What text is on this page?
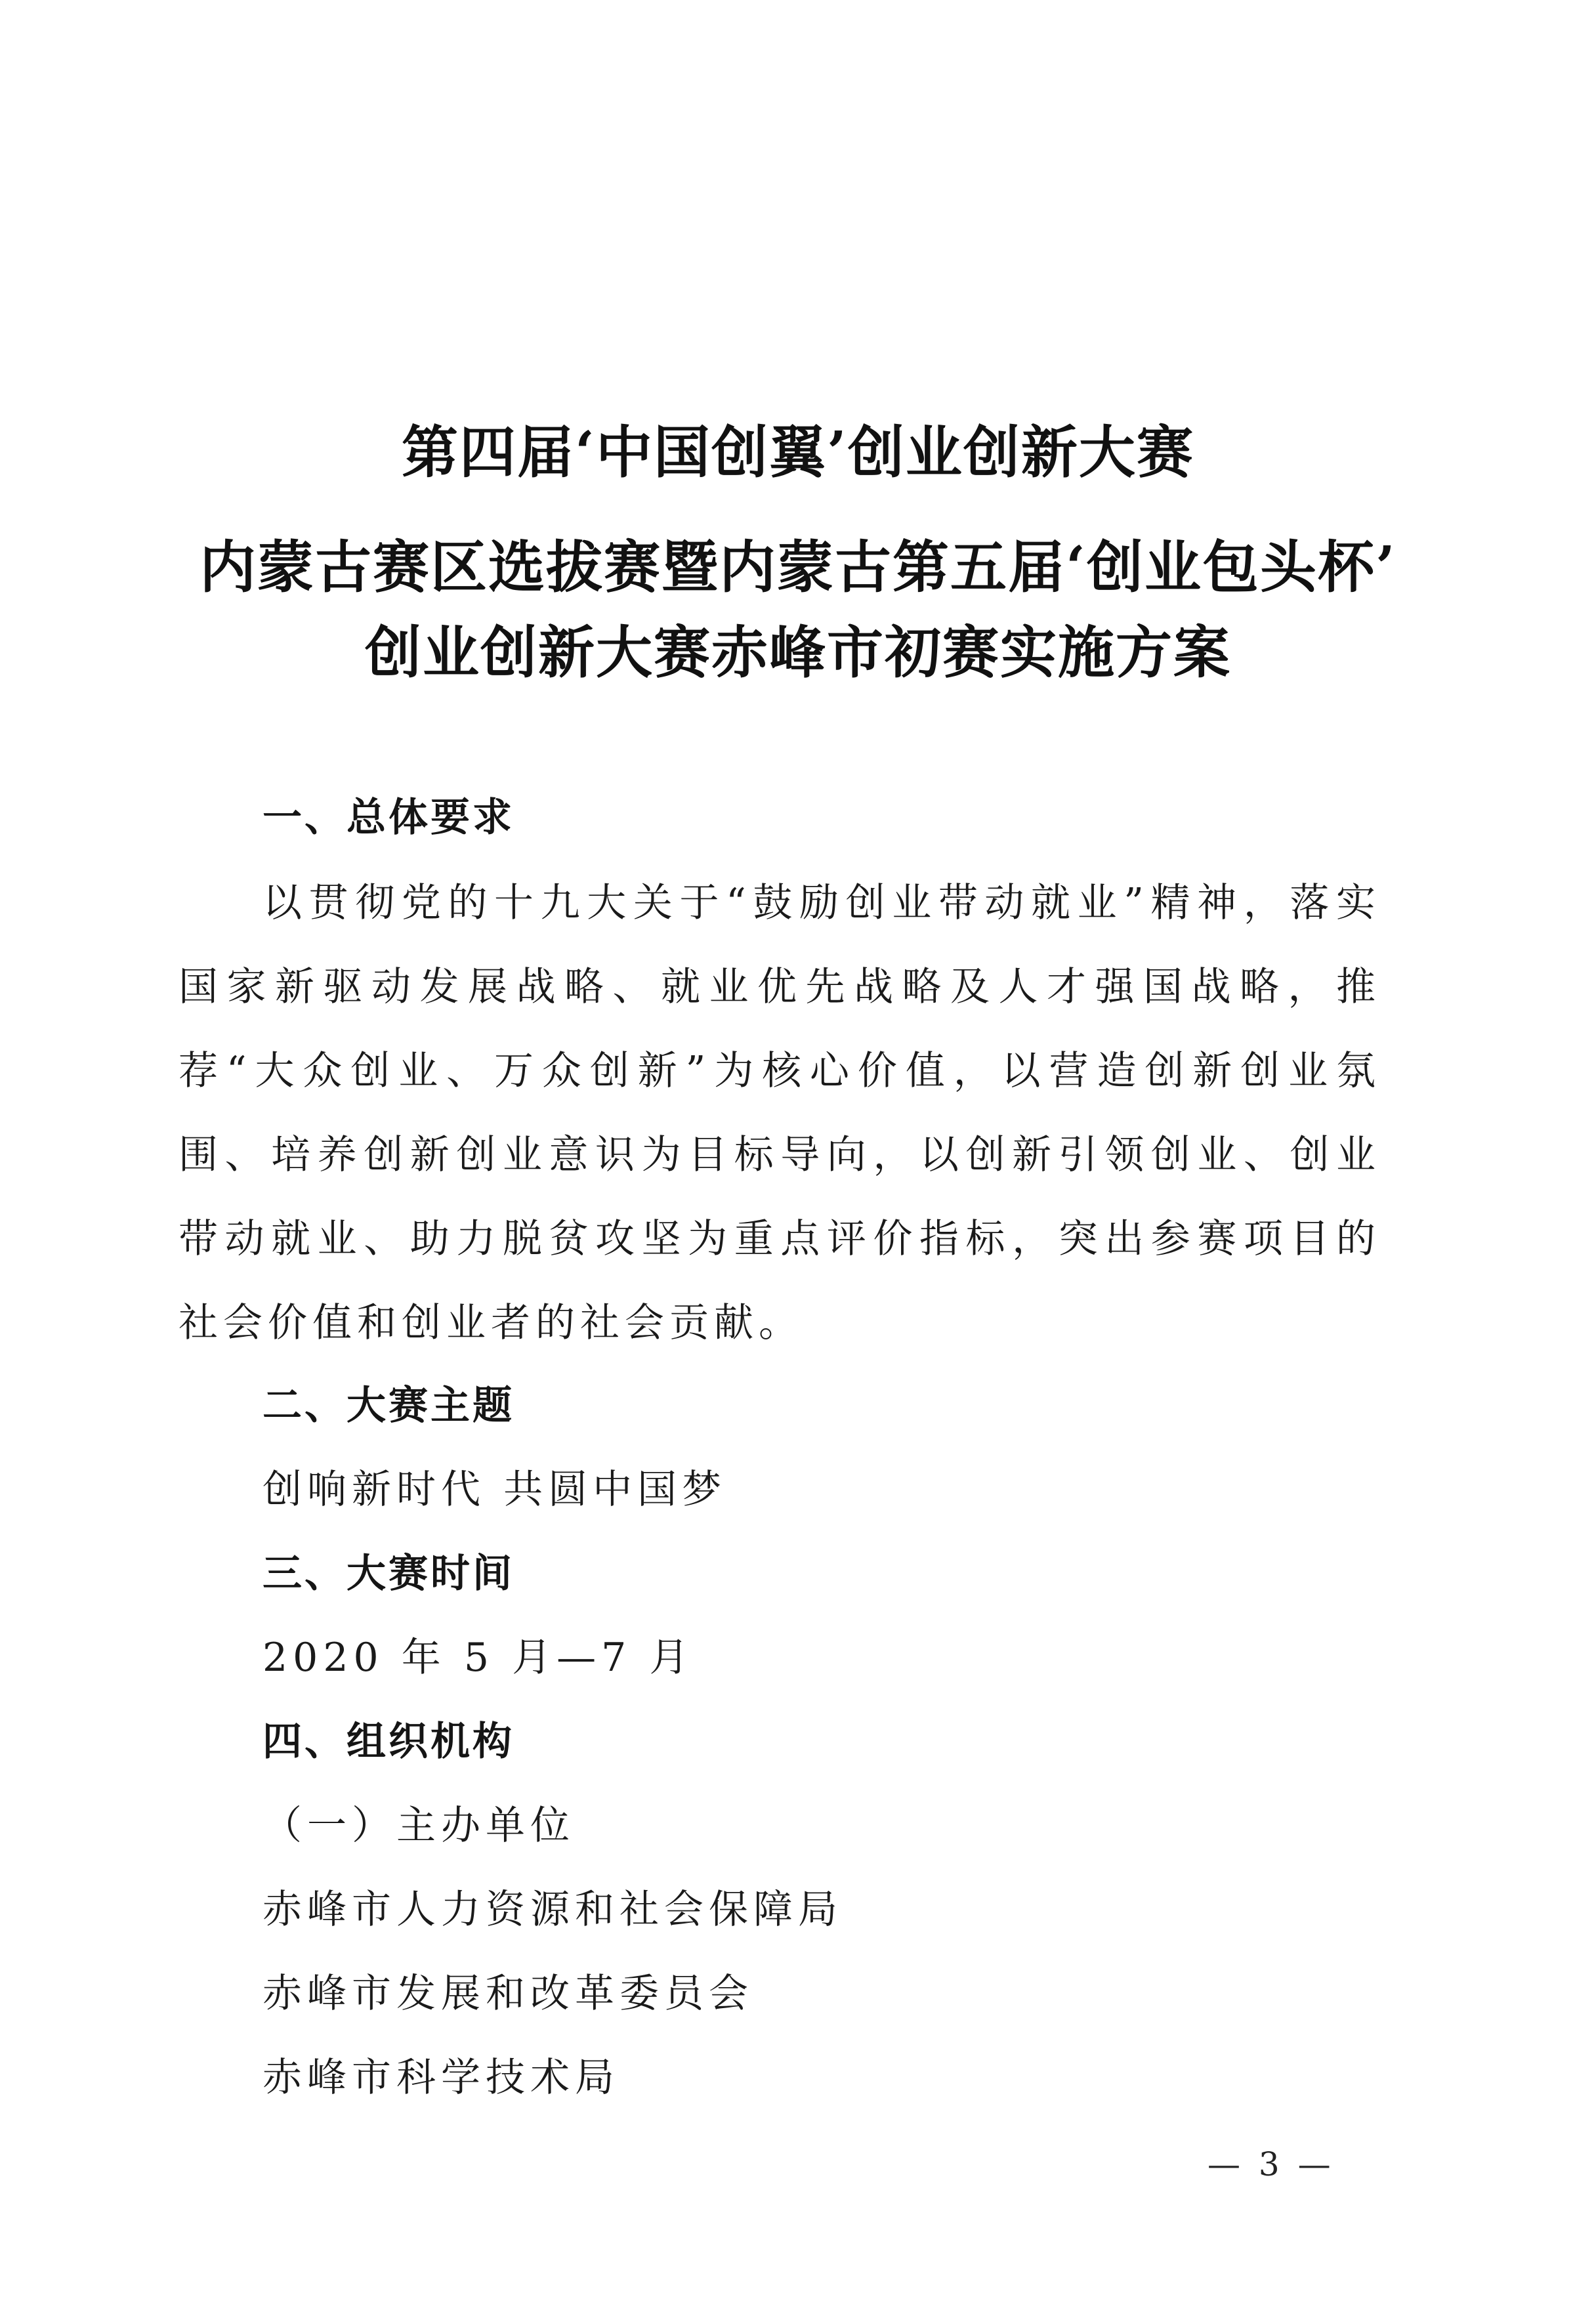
第四届‘中国创翼’创业创新大赛
内蒙古赛区选拔赛暨内蒙古第五届‘创业包头杯’
创业创新大赛赤峰市初赛实施方案
一、总体要求

以贯彻党的十九大关于“鼓励创业带动就业”精神，落实国家新驱动发展战略、就业优先战略及人才强国战略，推荐“大众创业、万众创新”为核心价值，以营造创新创业氛围、培养创新创业意识为目标导向，以创新引领创业、创业带动就业、助力脱贫攻坚为重点评价指标，突出参赛项目的社会价值和创业者的社会贡献。

二、大赛主题
创响新时代 共圆中国梦
三、大赛时间
2020 年 5 月—7 月
四、组织机构
（一）主办单位
赤峰市人力资源和社会保障局
赤峰市发展和改革委员会
赤峰市科学技术局
— 3 —
